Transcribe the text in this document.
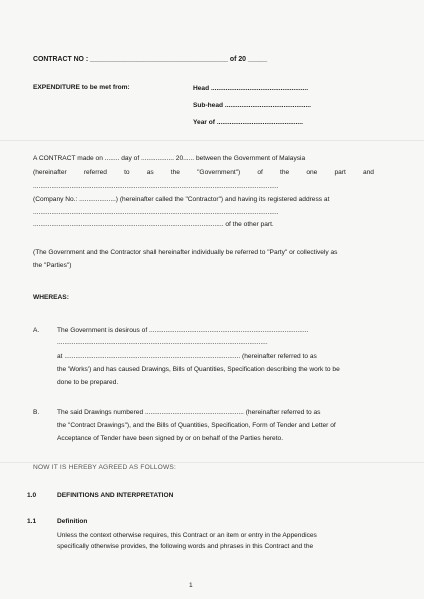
CONTRACT NO : ____________________________________ of 20 _____
EXPENDITURE to be met from:	Head .....................................................
Sub-head ...............................................
Year of ...............................................
A CONTRACT made on ........ day of .................. 20...... between the Government of Malaysia
(hereinafter	referred	to	as	the	"Government")	of	the	one	part	and
......................................................................................................................................
(Company No.: ....................) (hereinafter called the "Contractor") and having its registered address at
......................................................................................................................................
........................................................................................................ of the other part.
(The Government and the Contractor shall hereinafter individually be referred to "Party" or collectively as
the "Parties")
WHEREAS:
A.	The Government is desirous of .......................................................................................
...................................................................................................................
at ................................................................................................ (hereinafter referred to as
the 'Works') and has caused Drawings, Bills of Quantities, Specification describing the work to be
done to be prepared.
B.	The said Drawings numbered ...................................................... (hereinafter referred to as
the "Contract Drawings"), and the Bills of Quantities, Specification, Form of Tender and Letter of
Acceptance of Tender have been signed by or on behalf of the Parties hereto.
NOW IT IS HEREBY AGREED AS FOLLOWS:
1.0	DEFINITIONS AND INTERPRETATION
1.1	Definition
Unless the context otherwise requires, this Contract or an item or entry in the Appendices
specifically otherwise provides, the following words and phrases in this Contract and the
1
